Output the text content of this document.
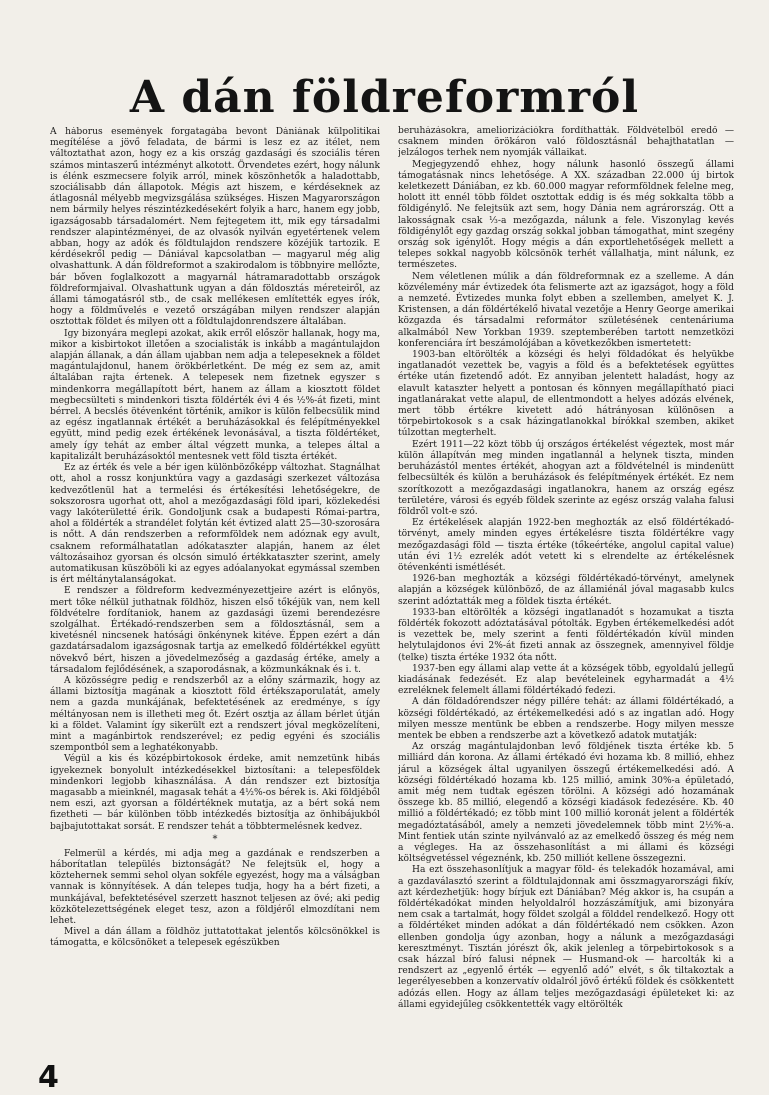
A dán földreformról

A háborus események forgatagába bevont Dániának külpolitikai megítélése a jövő feladata, de bármi is lesz ez az itélet, nem változtathat azon, hogy ez a kis ország gazdasági és szociális téren számos mintaszerű intézményt alkotott. Örvendetes ezért, hogy nálunk is élénk eszmecsere folyik arról, minek köszönhetők a haladottabb, szociálisabb dán állapotok. Mégis azt hiszem, e kérdéseknek az átlagosnál mélyebb megvizsgálása szükséges. Hiszen Magyarországon nem bármily helyes részintézkedésekért folyik a harc, hanem egy jobb, igazságosabb társadalomért. Nem fejtegetem itt, mik egy társadalmi rendszer alapintézményei, de az olvasók nyilván egyetértenek velem abban, hogy az adók és földtulajdon rendszere közéjük tartozik. E kérdésekről pedig — Dániával kapcsolatban — magyarul még alig olvashattunk. A dán földreformot a szakirodalom is többnyire mellőzte, bár bőven foglalkozott a magyarnál hátramaradottabb országok földreformjaival. Olvashattunk ugyan a dán földosztás méreteiről, az állami támogatásról stb., de csak mellékesen említették egyes írók, hogy a földművelés e vezető országában milyen rendszer alapján osztottak földet és milyen ott a földtulajdonrendszere általában.

Igy bizonyára meglepi azokat, akik erről először hallanak, hogy ma, mikor a kisbirtokot illetően a szocialisták is inkább a magántulajdon alapján állanak, a dán állam ujabban nem adja a telepeseknek a földet magántulajdonul, hanem örökbérletként. De még ez sem az, amit általában rajta értenek. A telepesek nem fizetnek egyszer s mindenkorra megállapított bért, hanem az állam a kiosztott földet megbecsülteti s mindenkori tiszta földérték évi 4 és ½%-át fizeti, mint bérrel. A becslés ötévenként történik, amikor is külön felbecsülik mind az egész ingatlannak értékét a beruházásokkal és felépítményekkel együtt, mind pedig ezek értékének levonásával, a tiszta földértéket, amely így tehát az ember által végzett munka, a telepes által a kapitalizált beruházásoktól mentesnek vett föld tiszta értékét.

Ez az érték és vele a bér igen különbözőképp változhat. Stagnálhat ott, ahol a rossz konjunktúra vagy a gazdasági szerkezet változása kedvezőtlenül hat a termelési és értékesítési lehetőségekre, de sokszorosra ugorhat ott, ahol a mezőgazdasági föld ipari, közlekedési vagy lakóterületté érik. Gondoljunk csak a budapesti Római-partra, ahol a földérték a strandélet folytán két évtized alatt 25—30-szorosára is nőtt. A dán rendszerben a reformföldek nem adóznak egy avult, csaknem reformálhatatlan adókataszter alapján, hanem az élet változásaihoz gyorsan és olcsón simuló értékkataszter szerint, amely automatikusan küszöböli ki az egyes adóalanyokat egymással szemben is ért méltánytalanságokat.

E rendszer a földreform kedvezményezettjeire azért is előnyös, mert tőke nélkül juthatnak földhöz, hiszen első tőkéjük van, nem kell földvételre fordítaniok, hanem az gazdasági üzemi berendezésre szolgálhat. Értékadó-rendszerben sem a földosztásnál, sem a kivetésnél nincsenek hatósági önkénynek kitéve. Éppen ezért a dán gazdatársadalom igazságosnak tartja az emelkedő földértékkel együtt növekvő bért, hiszen a jövedelmezőség a gazdaság értéke, amely a társadalom fejlődésének, a szaporodásnak, a közmunkáknak és i. t.

A közösségre pedig e rendszerből az a előny származik, hogy az állami biztosítja magának a kiosztott föld értékszaporulatát, amely nem a gazda munkájának, befektetésének az eredménye, s így méltányosan nem is illetheti meg őt. Ezért osztja az állam bérlet útján ki a földet. Valamint így sikerült ezt a rendszert jóval megközelíteni, mint a magánbirtok rendszerével; ez pedig egyéni és szociális szempontból sem a leghatékonyabb.

Végül a kis és középbirtokosok érdeke, amit nemzetünk hibás igyekeznek bonyolult intézkedésekkel biztosítani: a telepesföldek mindenkori legjobb kihasználása. A dán rendszer ezt biztosítja magasabb a mieinknél, magasak tehát a 4½%-os bérek is. Aki földjéből nem eszi, azt gyorsan a földértéknek mutatja, az a bért soká nem fizetheti — bár különben több intézkedés biztosítja az önhibájukból bajbajutottakat sorsát. E rendszer tehát a többtermelésnek kedvez.

*

Felmerül a kérdés, mi adja meg a gazdának e rendszerben a háborítatlan település biztonságát? Ne felejtsük el, hogy a köztehernek semmi sehol olyan sokféle egyezést, hogy ma a válságban vannak is könnyítések. A dán telepes tudja, hogy ha a bért fizeti, a munkájával, befektetésével szerzett hasznot teljesen az övé; aki pedig közkötelezettségének eleget tesz, azon a földjéről elmozdítani nem lehet.

Mivel a dán állam a földhöz juttatottakat jelentős kölcsönökkel is támogatta, e kölcsönöket a telepesek egészükben

beruházásokra, ameliorizációkra fordíthatták. Földvételből eredő — csaknem minden örökáron való földosztásnál behajthatatlan — jelzálogos terhek nem nyomják vállaikat.

Megjegyzendő ehhez, hogy nálunk hasonló összegű állami támogatásnak nincs lehetősége. A XX. században 22.000 új birtok keletkezett Dániában, ez kb. 60.000 magyar reformföldnek felelne meg, holott itt ennél több földet osztottak eddig is és még sokkalta több a földigénylő. Ne felejtsük azt sem, hogy Dánia nem agrárország. Ott a lakosságnak csak ⅓-a mezőgazda, nálunk a fele. Viszonylag kevés földigénylőt egy gazdag ország sokkal jobban támogathat, mint szegény ország sok igénylőt. Hogy mégis a dán exportlehetőségek mellett a telepes sokkal nagyobb kölcsönök terhét vállalhatja, mint nálunk, ez természetes.

Nem véletlenen múlik a dán földreformnak ez a szelleme. A dán közvélemény már évtizedek óta felismerte azt az igazságot, hogy a föld a nemzeté. Évtizedes munka folyt ebben a szellemben, amelyet K. J. Kristensen, a dán földértékelő hivatal vezetője a Henry George amerikai közgazda és társadalmi reformátor születésének centenáriuma alkalmából New Yorkban 1939. szeptemberében tartott nemzetközi konferenciára írt beszámolójában a következőkben ismertetett:

1903-ban eltörölték a községi és helyi földadókat és helyükbe ingatlanadót vezettek be, vagyis a föld és a befektetések együttes értéke után fizetendő adót. Ez annyiban jelentett haladást, hogy az elavult kataszter helyett a pontosan és könnyen megállapítható piaci ingatlanárakat vette alapul, de ellentmondott a helyes adózás elvének, mert több értékre kivetett adó hátrányosan különösen a törpebirtokosok s a csak házingatlanokkal bírókkal szemben, akiket túlzottan megterhelt.

Ezért 1911—22 közt több új országos értékelést végeztek, most már külön állapítván meg minden ingatlannál a helynek tiszta, minden beruházástól mentes értékét, ahogyan azt a földvételnél is mindenütt felbecsülték és külön a beruházások és felépítmények értékét. Ez nem szorítkozott a mezőgazdasági ingatlanokra, hanem az ország egész területére, városi és egyéb földek szerinte az egész ország valaha falusi földről volt-e szó.

Ez értékelések alapján 1922-ben meghozták az első földértékadó-törvényt, amely minden egyes értékelésre tiszta földértékre vagy mezőgazdasági föld — tiszta értéke (tőkeértéke, angolul capital value) után évi 1½ ezrelék adót vetett ki s elrendelte az értékelésnek ötévenkénti ismétlését.

1926-ban meghozták a községi földértékadó-törvényt, amelynek alapján a községek különböző, de az államiénál jóval magasabb kulcs szerint adóztatták meg a földek tiszta értékét.

1933-ban eltörölték a községi ingatlanadót s hozamukat a tiszta földérték fokozott adóztatásával pótolták. Egyben értékemelkedési adót is vezettek be, mely szerint a fenti földértékadón kívül minden helytulajdonos évi 2%-át fizeti annak az összegnek, amennyivel földje (telke) tiszta értéke 1932 óta nőtt.

1937-ben egy állami alap vette át a községek több, egyoldalú jellegű kiadásának fedezését. Ez alap bevételeinek egyharmadát a 4½ ezreléknek felemelt állami földértékadó fedezi.

A dán földadórendszer négy pillére tehát: az állami földértékadó, a községi földértékadó, az értékemelkedési adó s az ingatlan adó. Hogy milyen messze mentünk be ebben a rendszerbe. Hogy milyen messze mentek be ebben a rendszerbe azt a következő adatok mutatják:

Az ország magántulajdonban levő földjének tiszta értéke kb. 5 milliárd dán korona. Az állami értékadó évi hozama kb. 8 millió, ehhez járul a községek által ugyanilyen összegű értékemelkedési adó. A községi földértékadó hozama kb. 125 millió, amink 30%-a épületadó, amit még nem tudtak egészen törölni. A községi adó hozamának összege kb. 85 millió, elegendő a községi kiadások fedezésére. Kb. 40 millió a földértékadó; ez több mint 100 millió koronát jelent a földérték megadóztatásából, amely a nemzeti jövedelemnek több mint 2½%-a. Mint fentiek után szinte nyilvánvaló az az emelkedő összeg és még nem a végleges. Ha az összehasonlítást a mi állami és községi költségvetéssel végeznénk, kb. 250 milliót kellene összegezni.

Ha ezt összehasonlítjuk a magyar föld- és telekadók hozamával, ami a gazdaválasztó szerint a földtulajdonnak ami összmagyarországi fikív, azt kérdezhetjük: hogy bírjuk ezt Dániában? Még akkor is, ha csupán a földértékadókat minden helyoldalról hozzászámítjuk, ami bizonyára nem csak a tartalmát, hogy földet szolgál a földdel rendelkező. Hogy ott a földértéket minden adókat a dán földértékadó nem csökken. Azon ellenben gondolja úgy azonban, hogy a nálunk a mezőgazdasági keresztményt. Tisztán jórészt ők, akik jelenleg a törpebirtokosok s a csak házzal bíró falusi népnek — Husmand-ok — harcolták ki a rendszert az „egyenlő érték — egyenlő adó” elvét, s ők tiltakoztak a legerélyesebben a konzervatív oldalról jövő értékű földek és csökkentett adózás ellen. Hogy az állam teljes mezőgazdasági épületeket ki: az állami egyidejűleg csökkentették vagy eltörölték

4
